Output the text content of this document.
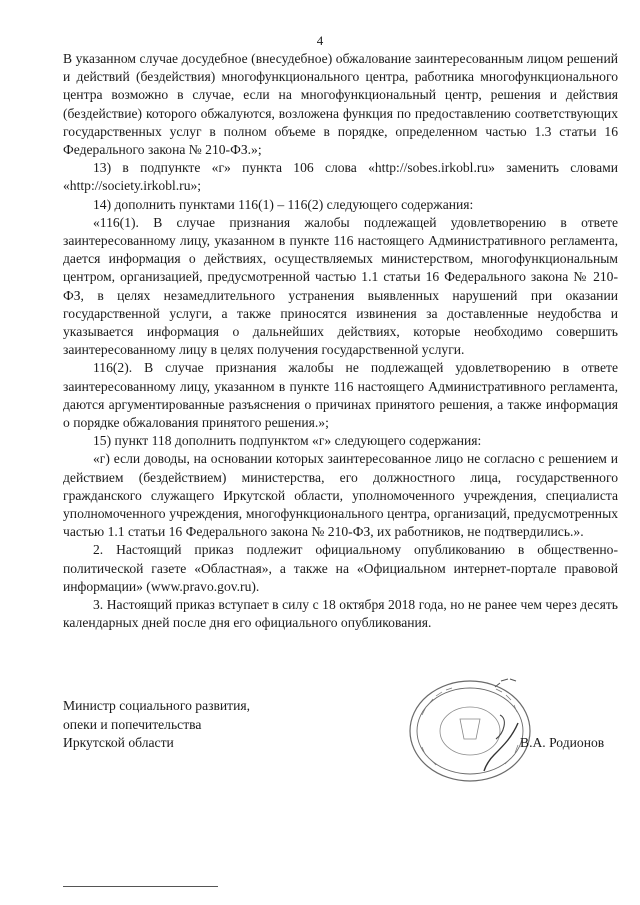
4

В указанном случае досудебное (внесудебное) обжалование заинтересованным лицом решений и действий (бездействия) многофункционального центра, работника многофункционального центра возможно в случае, если на многофункциональный центр, решения и действия (бездействие) которого обжалуются, возложена функция по предоставлению соответствующих государственных услуг в полном объеме в порядке, определенном частью 1.3 статьи 16 Федерального закона № 210-ФЗ.»;

13) в подпункте «г» пункта 106 слова «http://sobes.irkobl.ru» заменить словами «http://society.irkobl.ru»;

14) дополнить пунктами 116(1) – 116(2) следующего содержания:

«116(1). В случае признания жалобы подлежащей удовлетворению в ответе заинтересованному лицу, указанном в пункте 116 настоящего Административного регламента, дается информация о действиях, осуществляемых министерством, многофункциональным центром, организацией, предусмотренной частью 1.1 статьи 16 Федерального закона № 210-ФЗ, в целях незамедлительного устранения выявленных нарушений при оказании государственной услуги, а также приносятся извинения за доставленные неудобства и указывается информация о дальнейших действиях, которые необходимо совершить заинтересованному лицу в целях получения государственной услуги.

116(2). В случае признания жалобы не подлежащей удовлетворению в ответе заинтересованному лицу, указанном в пункте 116 настоящего Административного регламента, даются аргументированные разъяснения о причинах принятого решения, а также информация о порядке обжалования принятого решения.»;

15) пункт 118 дополнить подпунктом «г» следующего содержания:

«г) если доводы, на основании которых заинтересованное лицо не согласно с решением и действием (бездействием) министерства, его должностного лица, государственного гражданского служащего Иркутской области, уполномоченного учреждения, специалиста уполномоченного учреждения, многофункционального центра, организаций, предусмотренных частью 1.1 статьи 16 Федерального закона № 210-ФЗ, их работников, не подтвердились.».

2. Настоящий приказ подлежит официальному опубликованию в общественно-политической газете «Областная», а также на «Официальном интернет-портале правовой информации» (www.pravo.gov.ru).

3. Настоящий приказ вступает в силу с 18 октября 2018 года, но не ранее чем через десять календарных дней после дня его официального опубликования.

Министр социального развития,
опеки и попечительства
Иркутской области	В.А. Родионов
